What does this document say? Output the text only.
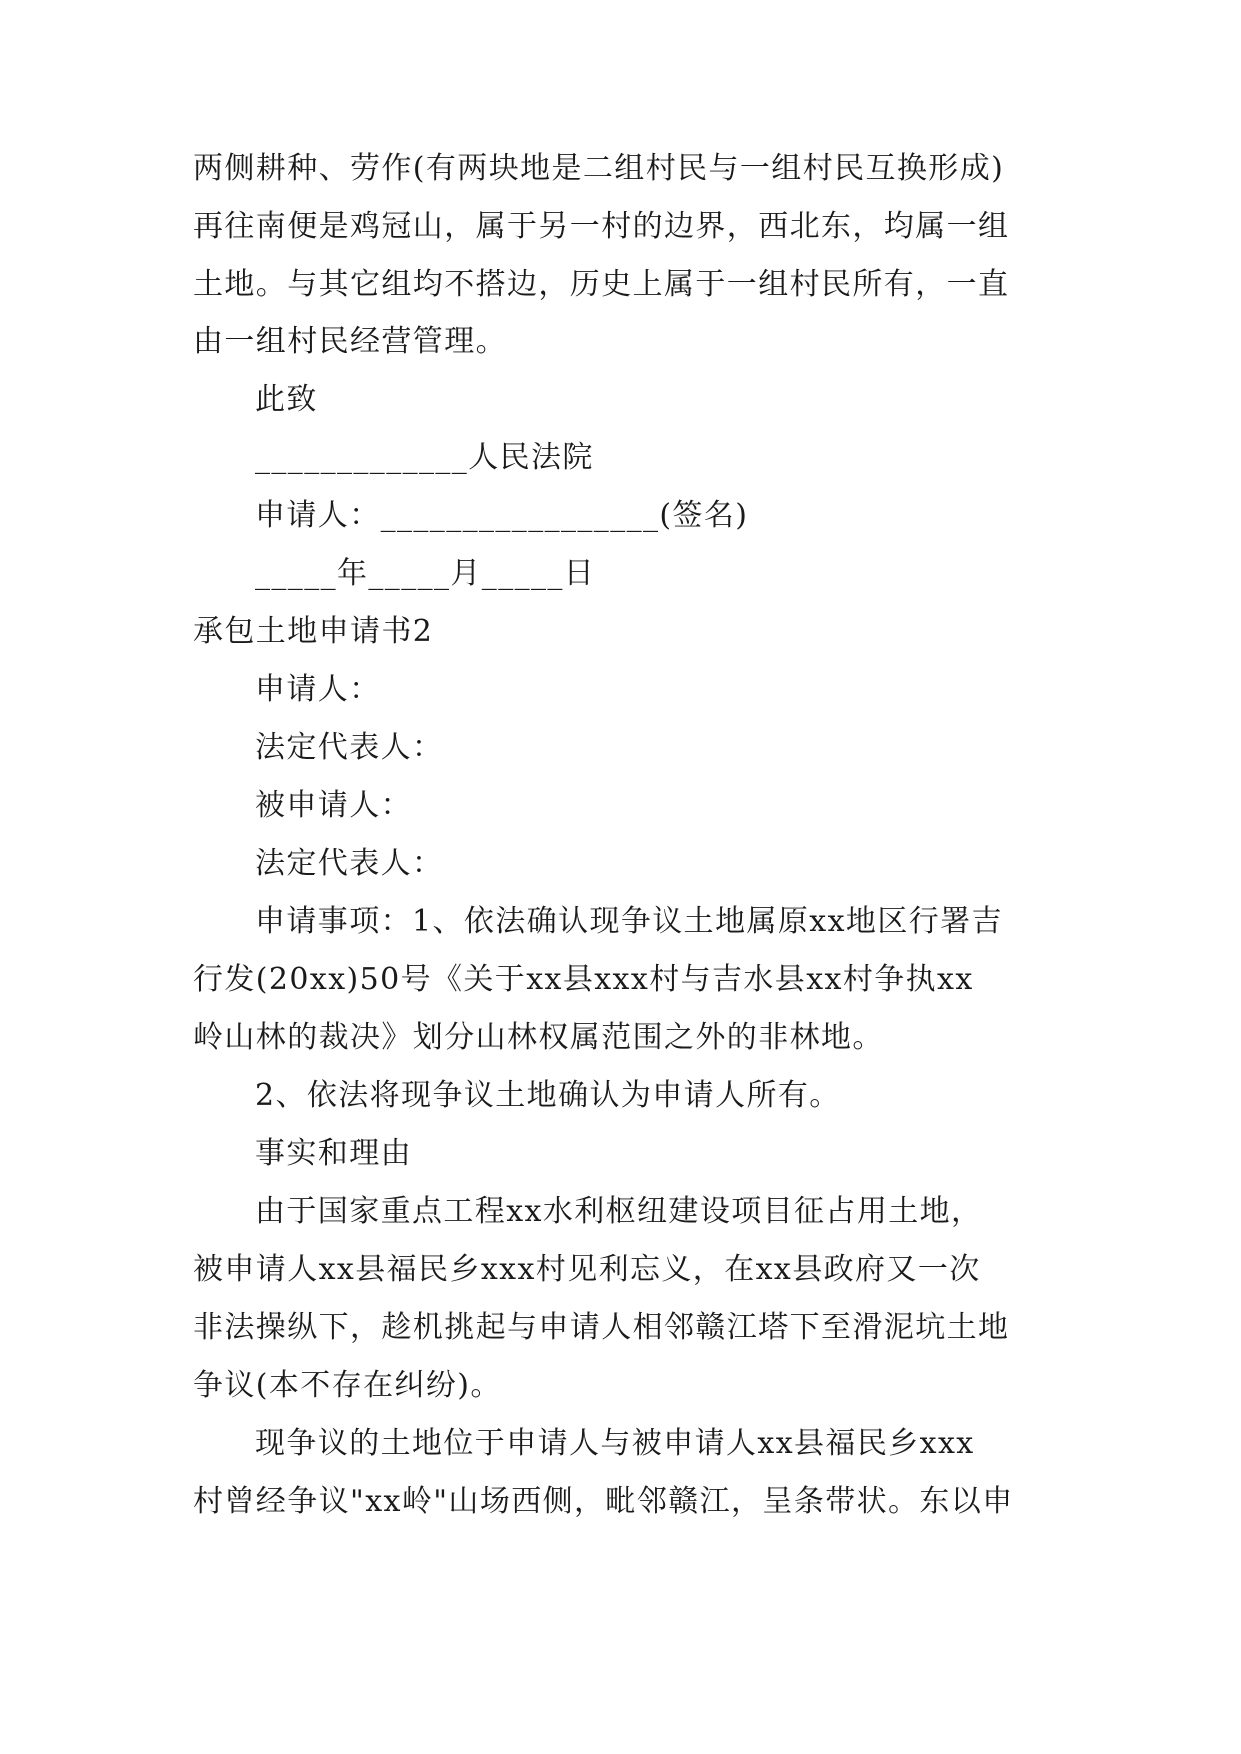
两侧耕种、劳作(有两块地是二组村民与一组村民互换形成)
再往南便是鸡冠山，属于另一村的边界，西北东，均属一组
土地。与其它组均不搭边，历史上属于一组村民所有，一直
由一组村民经营管理。
此致
_____________人民法院
申请人：_________________(签名)
_____年_____月_____日
承包土地申请书2
申请人：
法定代表人：
被申请人：
法定代表人：
申请事项：1、依法确认现争议土地属原xx地区行署吉
行发(20xx)50号《关于xx县xxx村与吉水县xx村争执xx
岭山林的裁决》划分山林权属范围之外的非林地。
2、依法将现争议土地确认为申请人所有。
事实和理由
由于国家重点工程xx水利枢纽建设项目征占用土地，
被申请人xx县福民乡xxx村见利忘义，在xx县政府又一次
非法操纵下，趁机挑起与申请人相邻赣江塔下至滑泥坑土地
争议(本不存在纠纷)。
现争议的土地位于申请人与被申请人xx县福民乡xxx
村曾经争议"xx岭"山场西侧，毗邻赣江，呈条带状。东以申
